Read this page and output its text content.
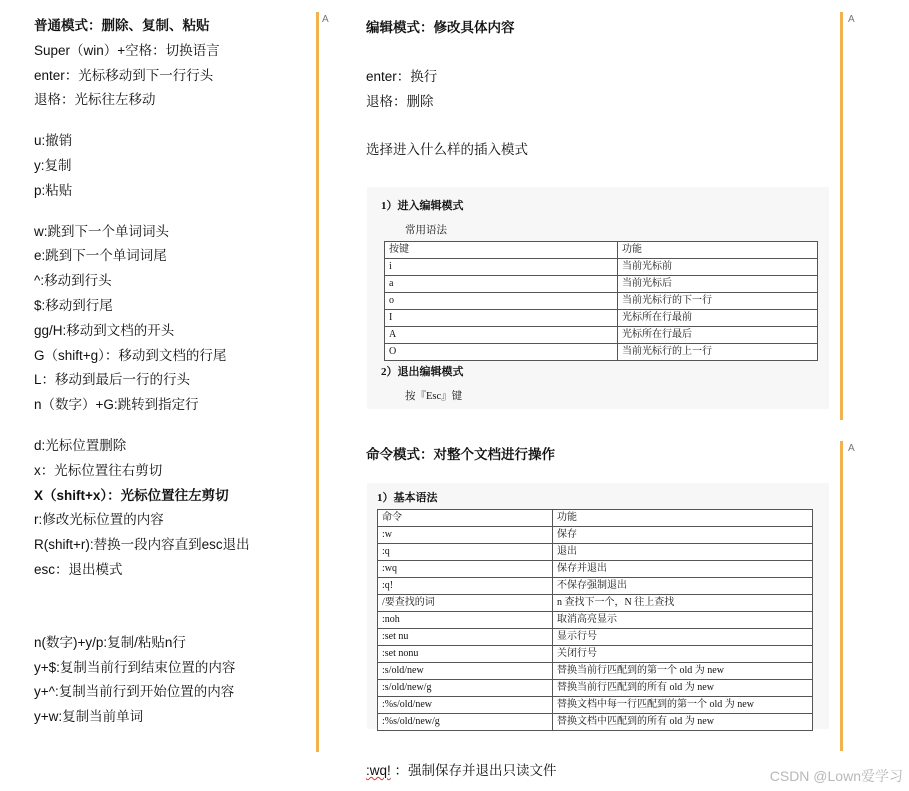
普通模式：删除、复制、粘贴
Super（win）+空格：切换语言
enter：光标移动到下一行行头
退格：光标往左移动
u:撤销
y:复制
p:粘贴
w:跳到下一个单词词头
e:跳到下一个单词词尾
^:移动到行头
$:移动到行尾
gg/H:移动到文档的开头
G（shift+g）：移动到文档的行尾
L：移动到最后一行的行头
n（数字）+G:跳转到指定行
d:光标位置删除
x：光标位置往右剪切
X（shift+x）：光标位置往左剪切
r:修改光标位置的内容
R(shift+r):替换一段内容直到esc退出
esc：退出模式
n(数字)+y/p:复制/粘贴n行
y+$:复制当前行到结束位置的内容
y+^:复制当前行到开始位置的内容
y+w:复制当前单词
A	A
A
编辑模式：修改具体内容
enter：换行
退格：删除
选择进入什么样的插入模式
1）进入编辑模式
常用语法
按键	功能
i	当前光标前
a	当前光标后
o	当前光标行的下一行
I	光标所在行最前
A	光标所在行最后
O	当前光标行的上一行
2）退出编辑模式
按『Esc』键
命令模式：对整个文档进行操作
1）基本语法
命令	功能
:w	保存
:q	退出
:wq	保存并退出
:q!	不保存强制退出
/要查找的词	n 查找下一个，N 往上查找
:noh	取消高亮显示
:set nu	显示行号
:set nonu	关闭行号
:s/old/new	替换当前行匹配到的第一个 old 为 new
:s/old/new/g	替换当前行匹配到的所有 old 为 new
:%s/old/new	替换文档中每一行匹配到的第一个 old 为 new
:%s/old/new/g	替换文档中匹配到的所有 old 为 new
:wq! ：强制保存并退出只读文件	CSDN @Lown爱学习
